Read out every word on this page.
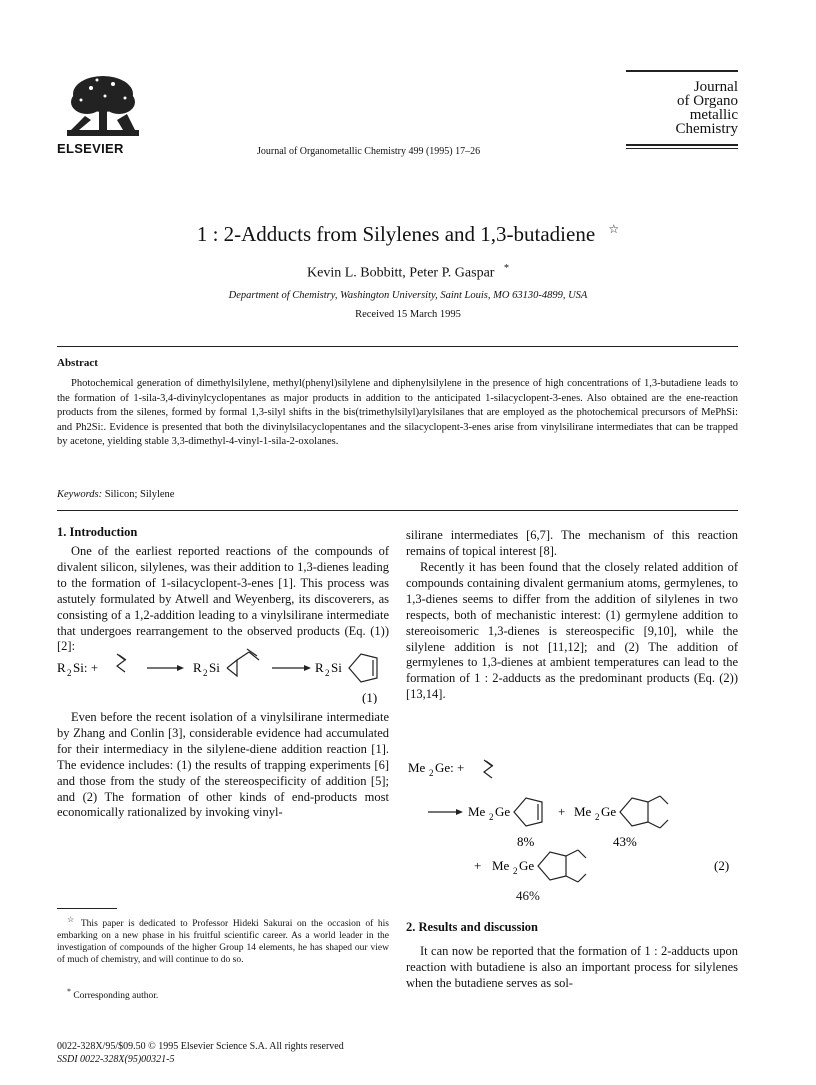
ELSEVIER	Journal of Organometallic Chemistry 499 (1995) 17–26
Journal
of Organo
metallic
Chemistry
1 : 2-Adducts from Silylenes and 1,3-butadiene ☆
Kevin L. Bobbitt, Peter P. Gaspar *
Department of Chemistry, Washington University, Saint Louis, MO 63130-4899, USA
Received 15 March 1995
Abstract
Photochemical generation of dimethylsilylene, methyl(phenyl)silylene and diphenylsilylene in the presence of high concentrations of 1,3-butadiene leads to the formation of 1-sila-3,4-divinylcyclopentanes as major products in addition to the anticipated 1-silacyclopent-3-enes. Also obtained are the ene-reaction products from the silenes, formed by formal 1,3-silyl shifts in the bis(trimethylsilyl)arylsilanes that are employed as the photochemical precursors of MePhSi: and Ph2Si:. Evidence is presented that both the divinylsilacyclopentanes and the silacyclopent-3-enes arise from vinylsilirane intermediates that can be trapped by acetone, yielding stable 3,3-dimethyl-4-vinyl-1-sila-2-oxolanes.
Keywords: Silicon; Silylene
1. Introduction
One of the earliest reported reactions of the compounds of divalent silicon, silylenes, was their addition to 1,3-dienes leading to the formation of 1-silacyclopent-3-enes [1]. This process was astutely formulated by Atwell and Weyenberg, its discoverers, as consisting of a 1,2-addition leading to a vinylsilirane intermediate that undergoes rearrangement to the observed products (Eq. (1)) [2]:
R 2 Si: +	R 2 Si	R 2 Si
(1)
Even before the recent isolation of a vinylsilirane intermediate by Zhang and Conlin [3], considerable evidence had accumulated for their intermediacy in the silylene-diene addition reaction [1]. The evidence includes: (1) the results of trapping experiments [6] and those from the study of the stereospecificity of addition [5]; and (2) The formation of other kinds of end-products most economically rationalized by invoking vinyl-
☆ This paper is dedicated to Professor Hideki Sakurai on the occasion of his embarking on a new phase in his fruitful scientific career. As a world leader in the investigation of compounds of the higher Group 14 elements, he has shaped our view of much of chemistry, and will continue to do so.
* Corresponding author.
0022-328X/95/$09.50 © 1995 Elsevier Science S.A. All rights reserved
SSDI 0022-328X(95)00321-5
silirane intermediates [6,7]. The mechanism of this reaction remains of topical interest [8].
Recently it has been found that the closely related addition of compounds containing divalent germanium atoms, germylenes, to 1,3-dienes seems to differ from the addition of silylenes in two respects, both of mechanistic interest: (1) germylene addition to stereoisomeric 1,3-dienes is stereospecific [9,10], while the silylene addition is not [11,12]; and (2) The addition of germylenes to 1,3-dienes at ambient temperatures can lead to the formation of 1 : 2-adducts as the predominant products (Eq. (2)) [13,14].
Me 2 Ge: +
Me 2 Ge	+ Me 2 Ge
8%	43%
+ Me 2 Ge	(2)
46%
2. Results and discussion
It can now be reported that the formation of 1 : 2-adducts upon reaction with butadiene is also an important process for silylenes when the butadiene serves as sol-
